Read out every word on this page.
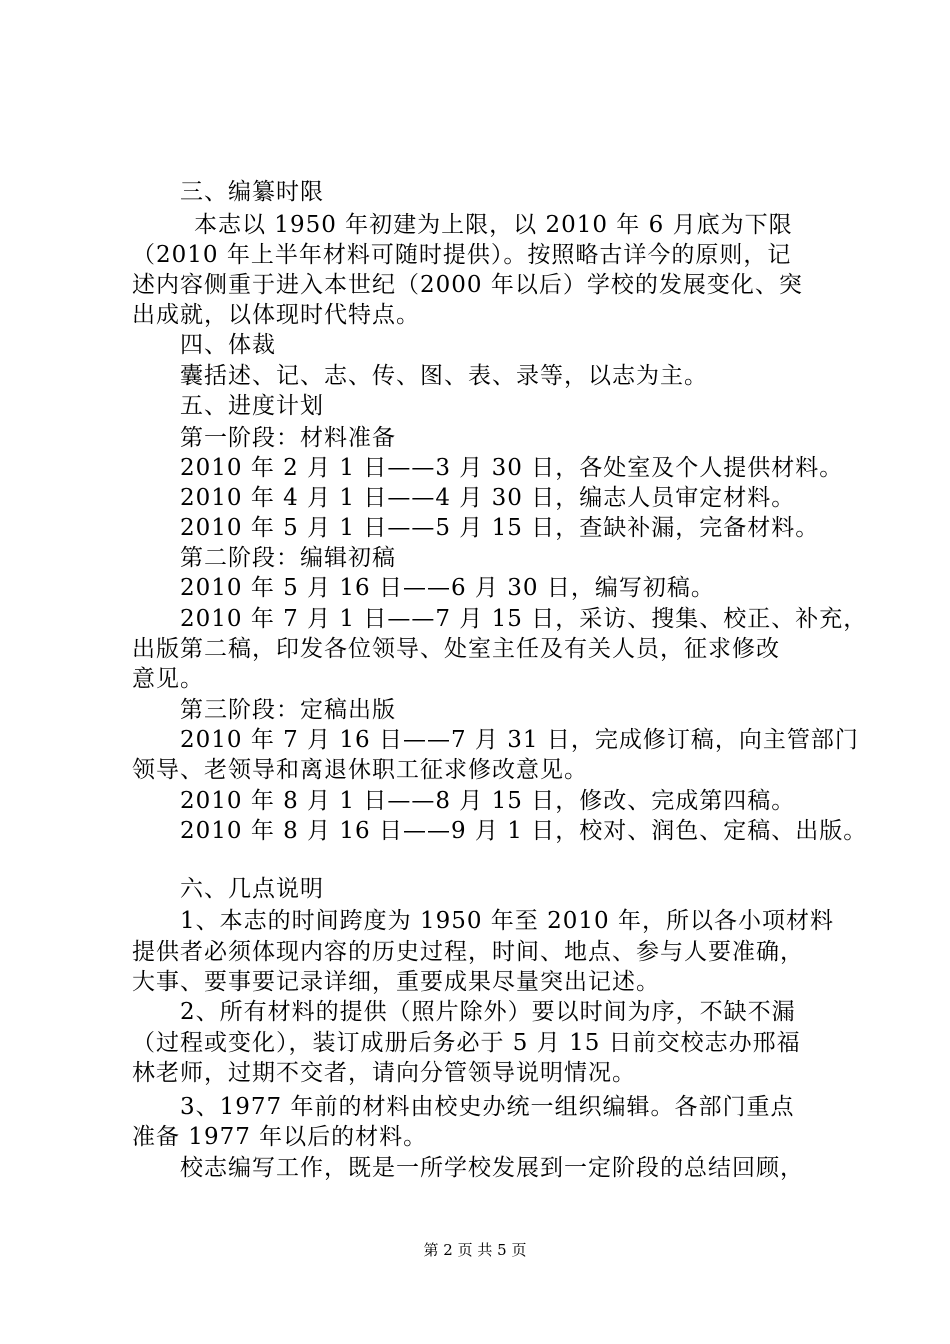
三、编纂时限
本志以 1950 年初建为上限，以 2010 年 6 月底为下限
（2010 年上半年材料可随时提供）。按照略古详今的原则，记
述内容侧重于进入本世纪（2000 年以后）学校的发展变化、突
出成就，以体现时代特点。
四、体裁
囊括述、记、志、传、图、表、录等，以志为主。
五、进度计划
第一阶段：材料准备
2010 年 2 月 1 日——3 月 30 日，各处室及个人提供材料。
2010 年 4 月 1 日——4 月 30 日，编志人员审定材料。
2010 年 5 月 1 日——5 月 15 日，查缺补漏，完备材料。
第二阶段：编辑初稿
2010 年 5 月 16 日——6 月 30 日，编写初稿。
2010 年 7 月 1 日——7 月 15 日，采访、搜集、校正、补充，
出版第二稿，印发各位领导、处室主任及有关人员，征求修改
意见。
第三阶段：定稿出版
2010 年 7 月 16 日——7 月 31 日，完成修订稿，向主管部门
领导、老领导和离退休职工征求修改意见。
2010 年 8 月 1 日——8 月 15 日，修改、完成第四稿。
2010 年 8 月 16 日——9 月 1 日，校对、润色、定稿、出版。
六、几点说明
1、本志的时间跨度为 1950 年至 2010 年，所以各小项材料
提供者必须体现内容的历史过程，时间、地点、参与人要准确，
大事、要事要记录详细，重要成果尽量突出记述。
2、所有材料的提供（照片除外）要以时间为序，不缺不漏
（过程或变化），装订成册后务必于 5 月 15 日前交校志办邢福
林老师，过期不交者，请向分管领导说明情况。
3、1977 年前的材料由校史办统一组织编辑。各部门重点
准备 1977 年以后的材料。
校志编写工作，既是一所学校发展到一定阶段的总结回顾，
第 2 页 共 5 页
